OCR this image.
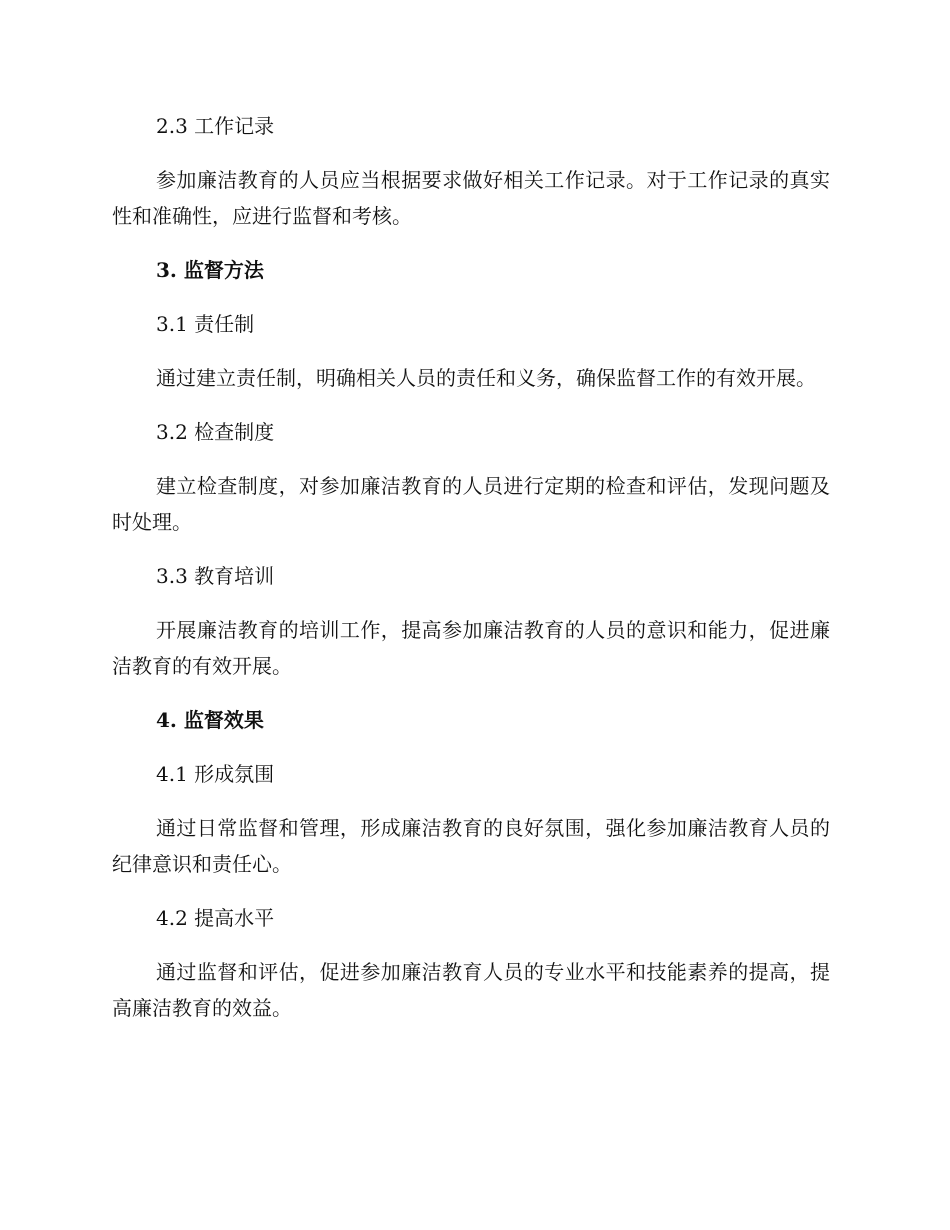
2.3 工作记录
参加廉洁教育的人员应当根据要求做好相关工作记录。对于工作记录的真实性和准确性，应进行监督和考核。
3. 监督方法
3.1 责任制
通过建立责任制，明确相关人员的责任和义务，确保监督工作的有效开展。
3.2 检查制度
建立检查制度，对参加廉洁教育的人员进行定期的检查和评估，发现问题及时处理。
3.3 教育培训
开展廉洁教育的培训工作，提高参加廉洁教育的人员的意识和能力，促进廉洁教育的有效开展。
4. 监督效果
4.1 形成氛围
通过日常监督和管理，形成廉洁教育的良好氛围，强化参加廉洁教育人员的纪律意识和责任心。
4.2 提高水平
通过监督和评估，促进参加廉洁教育人员的专业水平和技能素养的提高，提高廉洁教育的效益。
